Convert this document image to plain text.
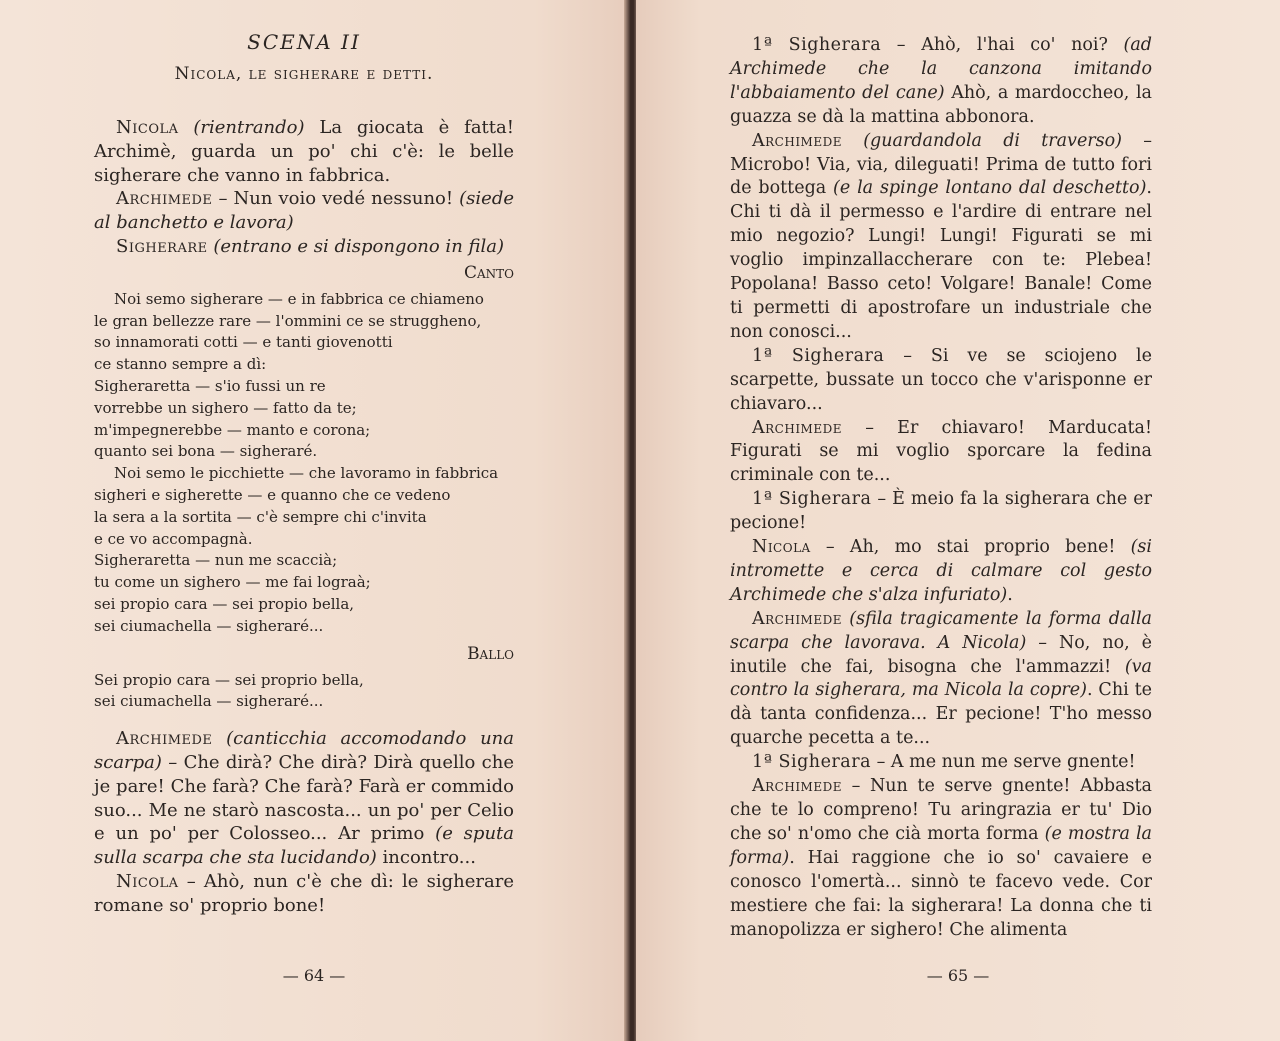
SCENA II
Nicola, le sigherare e detti.

Nicola (rientrando) La giocata è fatta! Archimè, guarda un po' chi c'è: le belle sigherare che vanno in fabbrica.

Archimede – Nun voio vedé nessuno! (siede al banchetto e lavora)

Sigherare (entrano e si dispongono in fila)

Canto
Noi semo sigherare — e in fabbrica ce chiameno
le gran bellezze rare — l'ommini ce se struggheno,
so innamorati cotti — e tanti giovenotti
ce stanno sempre a dì:
Sigheraretta — s'io fussi un re
vorrebbe un sighero — fatto da te;
m'impegnerebbe — manto e corona;
quanto sei bona — sigheraré.
Noi semo le picchiette — che lavoramo in fabbrica
sigheri e sigherette — e quanno che ce vedeno
la sera a la sortita — c'è sempre chi c'invita
e ce vo accompagnà.
Sigheraretta — nun me scaccià;
tu come un sighero — me fai lograà;
sei propio cara — sei propio bella,
sei ciumachella — sigheraré...
Ballo
Sei propio cara — sei proprio bella,
sei ciumachella — sigheraré...

Archimede (canticchia accomodando una scarpa) – Che dirà? Che dirà? Dirà quello che je pare! Che farà? Che farà? Farà er commido suo... Me ne starò nascosta... un po' per Celio e un po' per Colosseo... Ar primo (e sputa sulla scarpa che sta lucidando) incontro...

Nicola – Ahò, nun c'è che dì: le sigherare romane so' proprio bone!

— 64 —

1ª Sigherara – Ahò, l'hai co' noi? (ad Archimede che la canzona imitando l'abbaiamento del cane) Ahò, a mardoccheo, la guazza se dà la mattina abbonora.

Archimede (guardandola di traverso) – Microbo! Via, via, dileguati! Prima de tutto fori de bottega (e la spinge lontano dal deschetto). Chi ti dà il permesso e l'ardire di entrare nel mio negozio? Lungi! Lungi! Figurati se mi voglio impinzallaccherare con te: Plebea! Popolana! Basso ceto! Volgare! Banale! Come ti permetti di apostrofare un industriale che non conosci...

1ª Sigherara – Si ve se sciojeno le scarpette, bussate un tocco che v'arisponne er chiavaro...

Archimede – Er chiavaro! Marducata! Figurati se mi voglio sporcare la fedina criminale con te...

1ª Sigherara – È meio fa la sigherara che er pecione!

Nicola – Ah, mo stai proprio bene! (si intromette e cerca di calmare col gesto Archimede che s'alza infuriato).

Archimede (sfila tragicamente la forma dalla scarpa che lavorava. A Nicola) – No, no, è inutile che fai, bisogna che l'ammazzi! (va contro la sigherara, ma Nicola la copre). Chi te dà tanta confidenza... Er pecione! T'ho messo quarche pecetta a te...

1ª Sigherara – A me nun me serve gnente!

Archimede – Nun te serve gnente! Abbasta che te lo compreno! Tu aringrazia er tu' Dio che so' n'omo che cià morta forma (e mostra la forma). Hai raggione che io so' cavaiere e conosco l'omertà... sinnò te facevo vede. Cor mestiere che fai: la sigherara! La donna che ti manopolizza er sighero! Che alimenta

— 65 —
